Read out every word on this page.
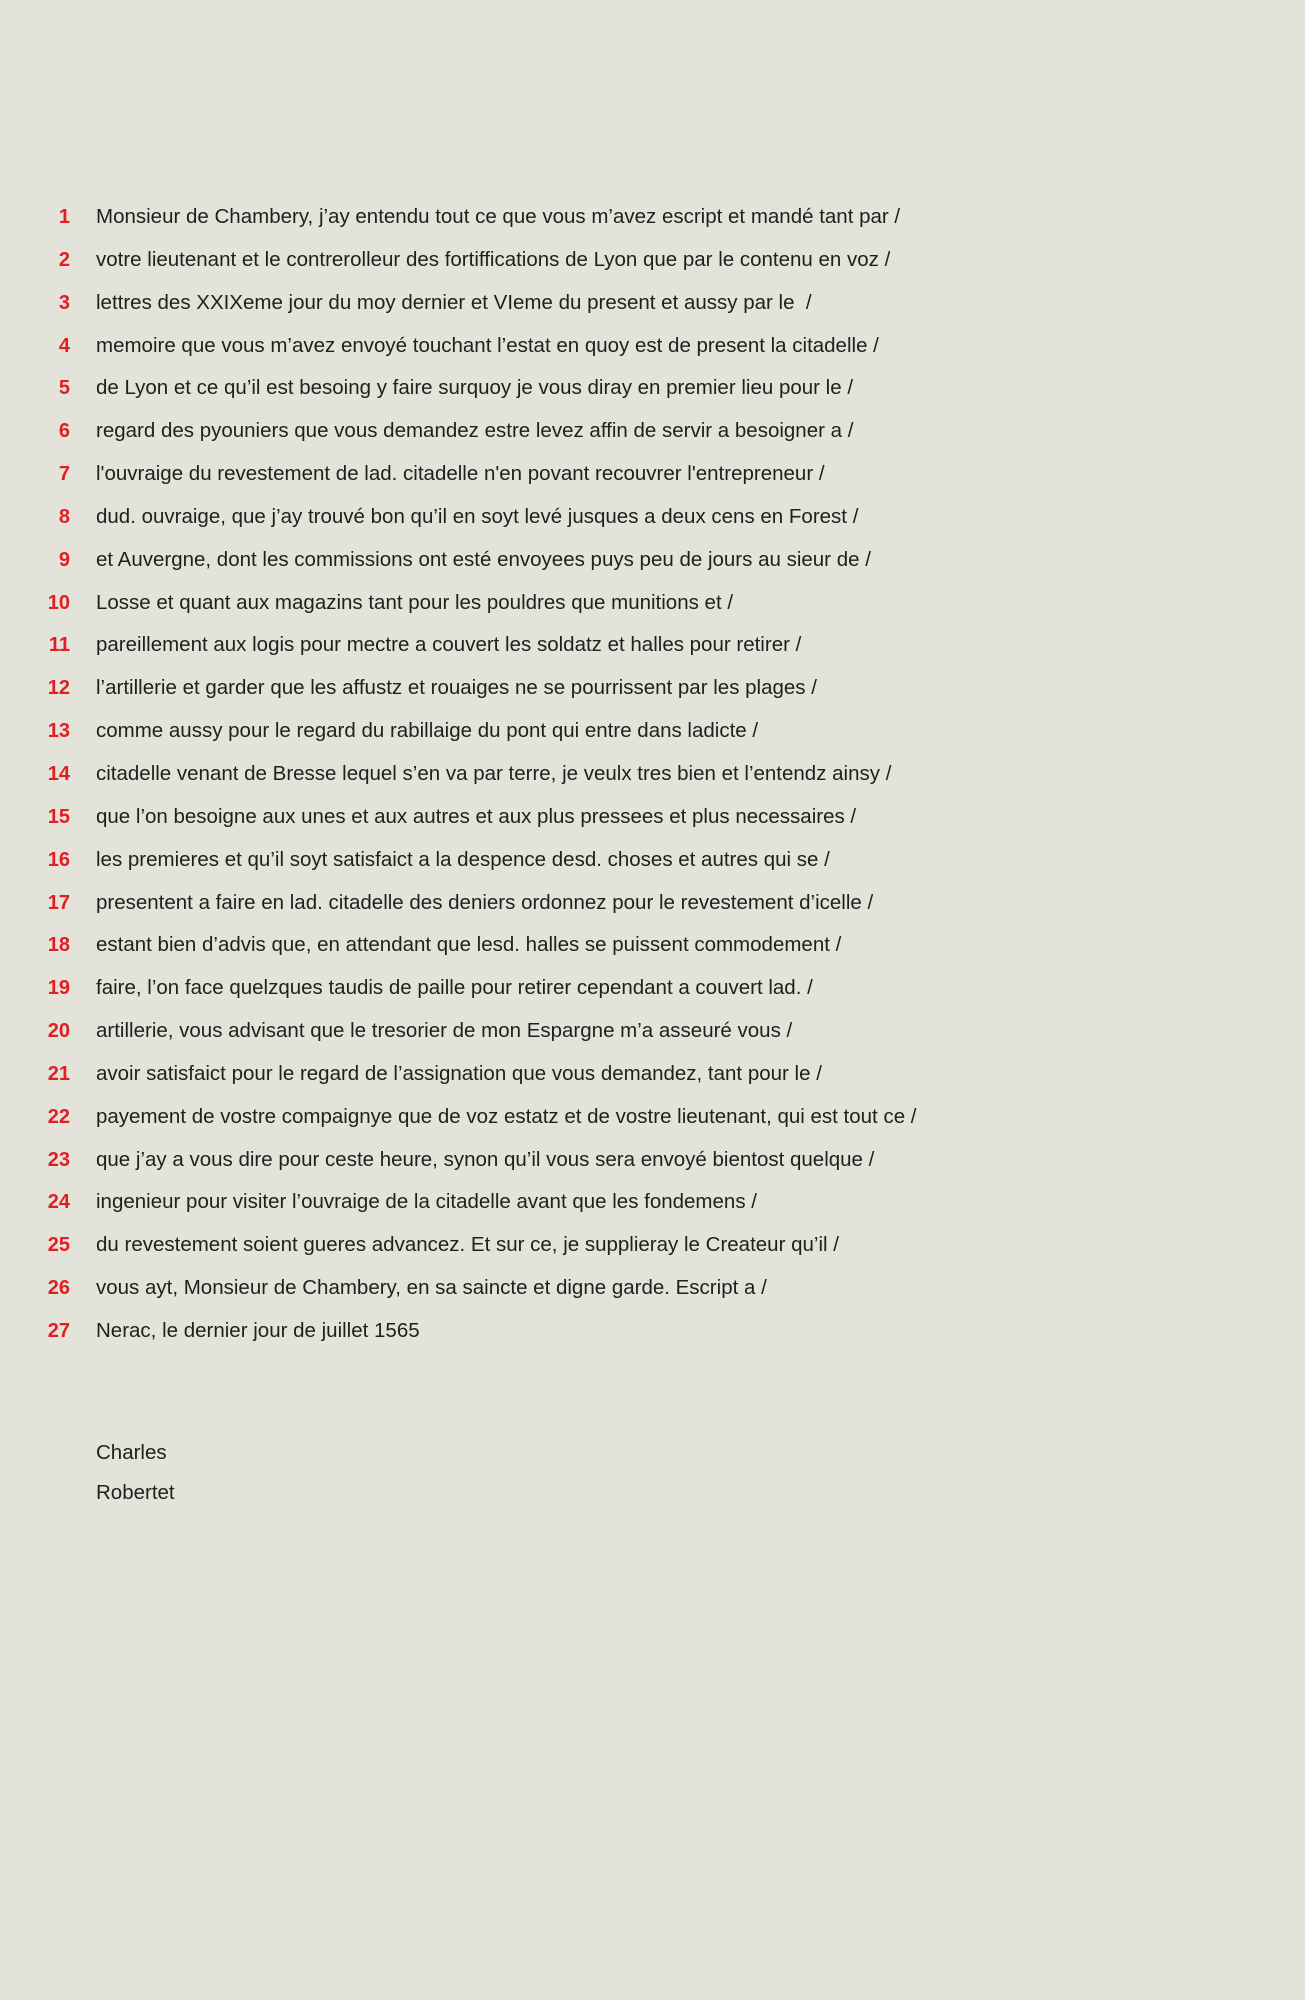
1 Monsieur de Chambery, j’ay entendu tout ce que vous m’avez escript et mandé tant par /
2 votre lieutenant et le contrerolleur des fortiffications de Lyon que par le contenu en voz /
3 lettres des XXIXeme jour du moy dernier et VIeme du present et aussy par le  /
4 memoire que vous m’avez envoyé touchant l’estat en quoy est de present la citadelle /
5 de Lyon et ce qu’il est besoing y faire surquoy je vous diray en premier lieu pour le /
6 regard des pyouniers que vous demandez estre levez affin de servir a besoigner a /
7 l'ouvraige du revestement de lad. citadelle n'en povant recouvrer l'entrepreneur /
8 dud. ouvraige, que j’ay trouvé bon qu’il en soyt levé jusques a deux cens en Forest /
9 et Auvergne, dont les commissions ont esté envoyees puys peu de jours au sieur de /
10 Losse et quant aux magazins tant pour les pouldres que munitions et /
11 pareillement aux logis pour mectre a couvert les soldatz et halles pour retirer /
12 l’artillerie et garder que les affustz et rouaiges ne se pourrissent par les plages /
13 comme aussy pour le regard du rabillaige du pont qui entre dans ladicte /
14 citadelle venant de Bresse lequel s’en va par terre, je veulx tres bien et l’entendz ainsy /
15 que l’on besoigne aux unes et aux autres et aux plus pressees et plus necessaires /
16 les premieres et qu’il soyt satisfaict a la despence desd. choses et autres qui se /
17 presentent a faire en lad. citadelle des deniers ordonnez pour le revestement d’icelle /
18 estant bien d’advis que, en attendant que lesd. halles se puissent commodement /
19 faire, l’on face quelzques taudis de paille pour retirer cependant a couvert lad. /
20 artillerie, vous advisant que le tresorier de mon Espargne m’a asseuré vous /
21 avoir satisfaict pour le regard de l’assignation que vous demandez, tant pour le /
22 payement de vostre compaignye que de voz estatz et de vostre lieutenant, qui est tout ce /
23 que j’ay a vous dire pour ceste heure, synon qu’il vous sera envoyé bientost quelque /
24 ingenieur pour visiter l’ouvraige de la citadelle avant que les fondemens /
25 du revestement soient gueres advancez. Et sur ce, je supplieray le Createur qu’il /
26 vous ayt, Monsieur de Chambery, en sa saincte et digne garde. Escript a /
27 Nerac, le dernier jour de juillet 1565
Charles
Robertet
